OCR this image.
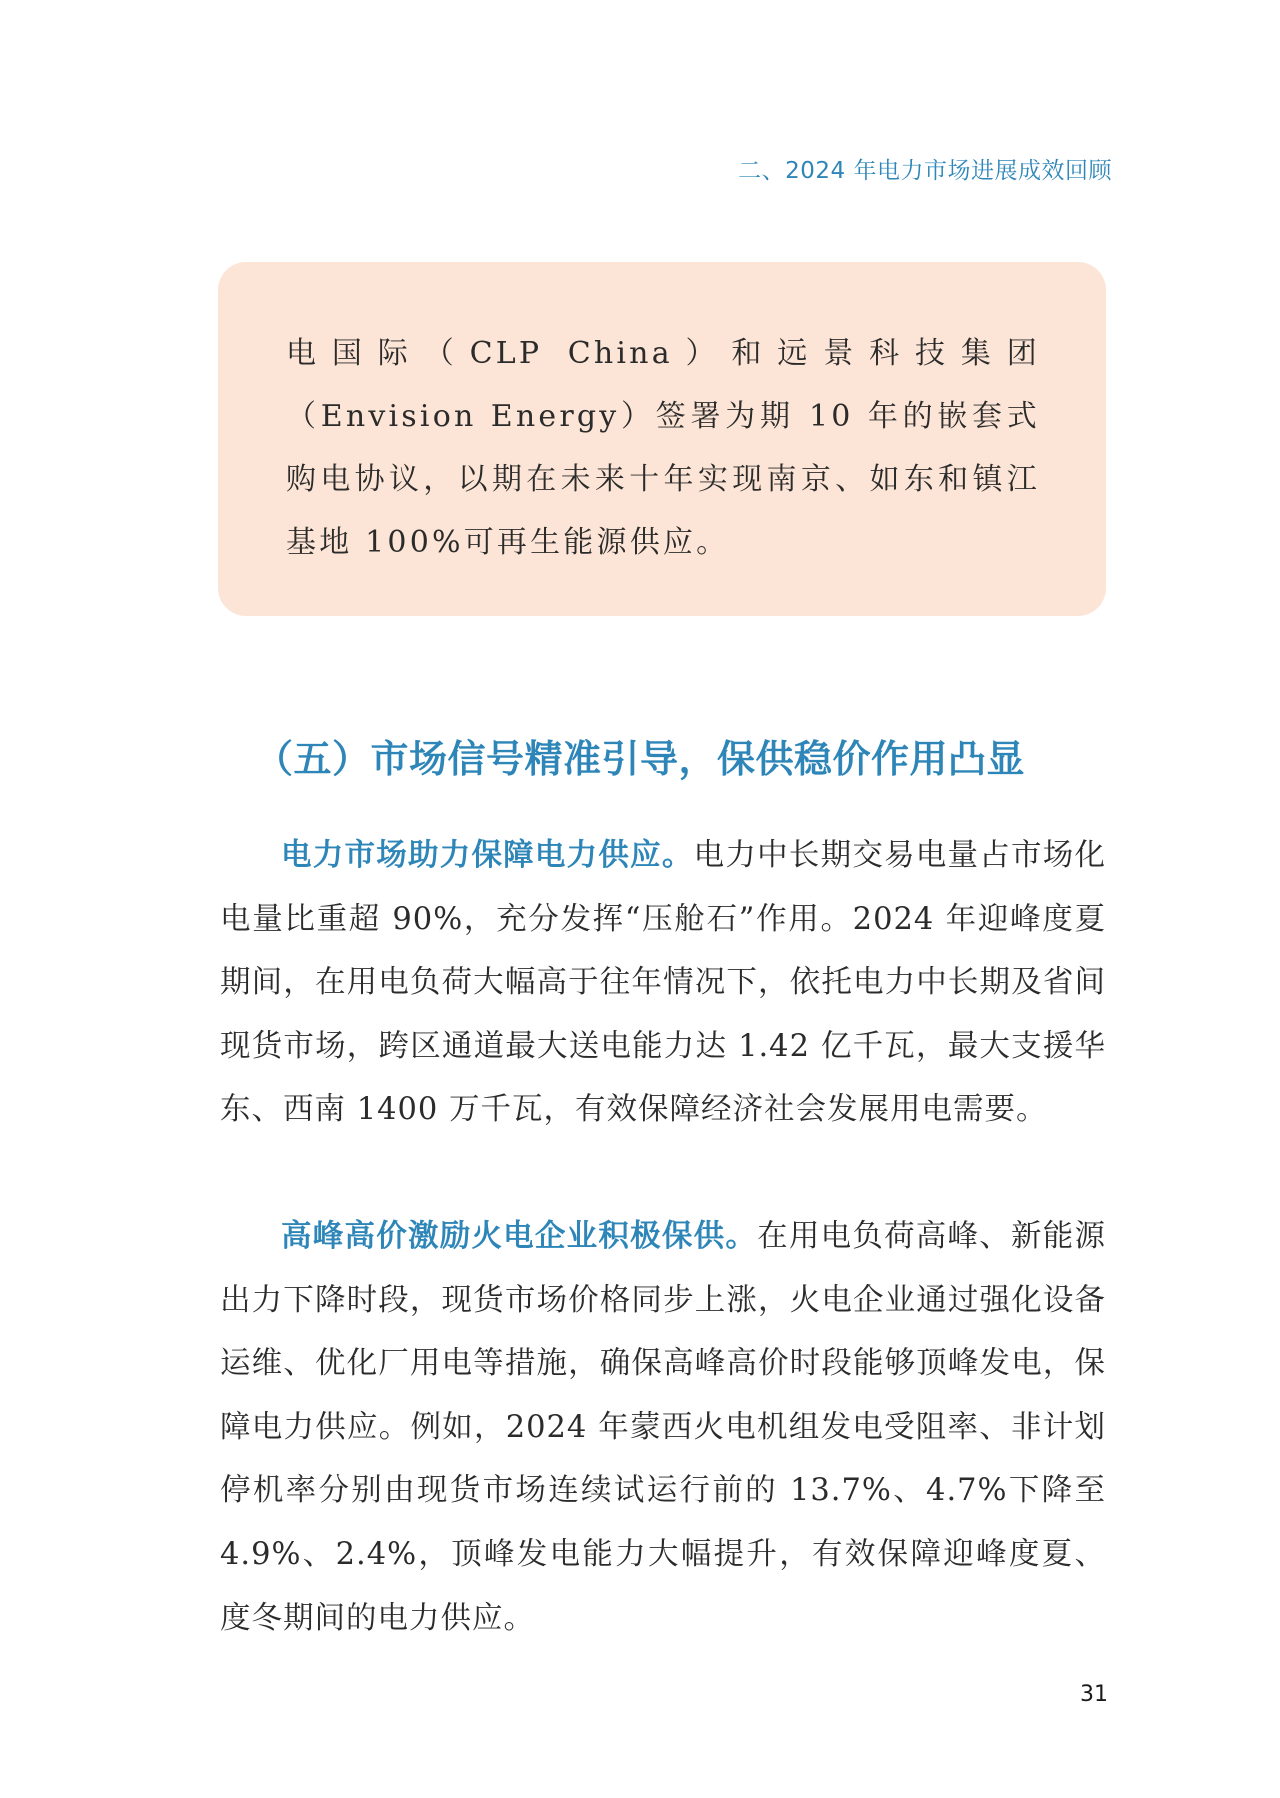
二、2024 年电力市场进展成效回顾

电国际（CLP China）和远景科技集团（Envision Energy）签署为期 10 年的嵌套式购电协议，以期在未来十年实现南京、如东和镇江基地 100%可再生能源供应。

（五）市场信号精准引导，保供稳价作用凸显

电力市场助力保障电力供应。电力中长期交易电量占市场化电量比重超 90%，充分发挥“压舱石”作用。2024 年迎峰度夏期间，在用电负荷大幅高于往年情况下，依托电力中长期及省间现货市场，跨区通道最大送电能力达 1.42 亿千瓦，最大支援华东、西南 1400 万千瓦，有效保障经济社会发展用电需要。

高峰高价激励火电企业积极保供。在用电负荷高峰、新能源出力下降时段，现货市场价格同步上涨，火电企业通过强化设备运维、优化厂用电等措施，确保高峰高价时段能够顶峰发电，保障电力供应。例如，2024 年蒙西火电机组发电受阻率、非计划停机率分别由现货市场连续试运行前的 13.7%、4.7%下降至 4.9%、2.4%，顶峰发电能力大幅提升，有效保障迎峰度夏、度冬期间的电力供应。

31
